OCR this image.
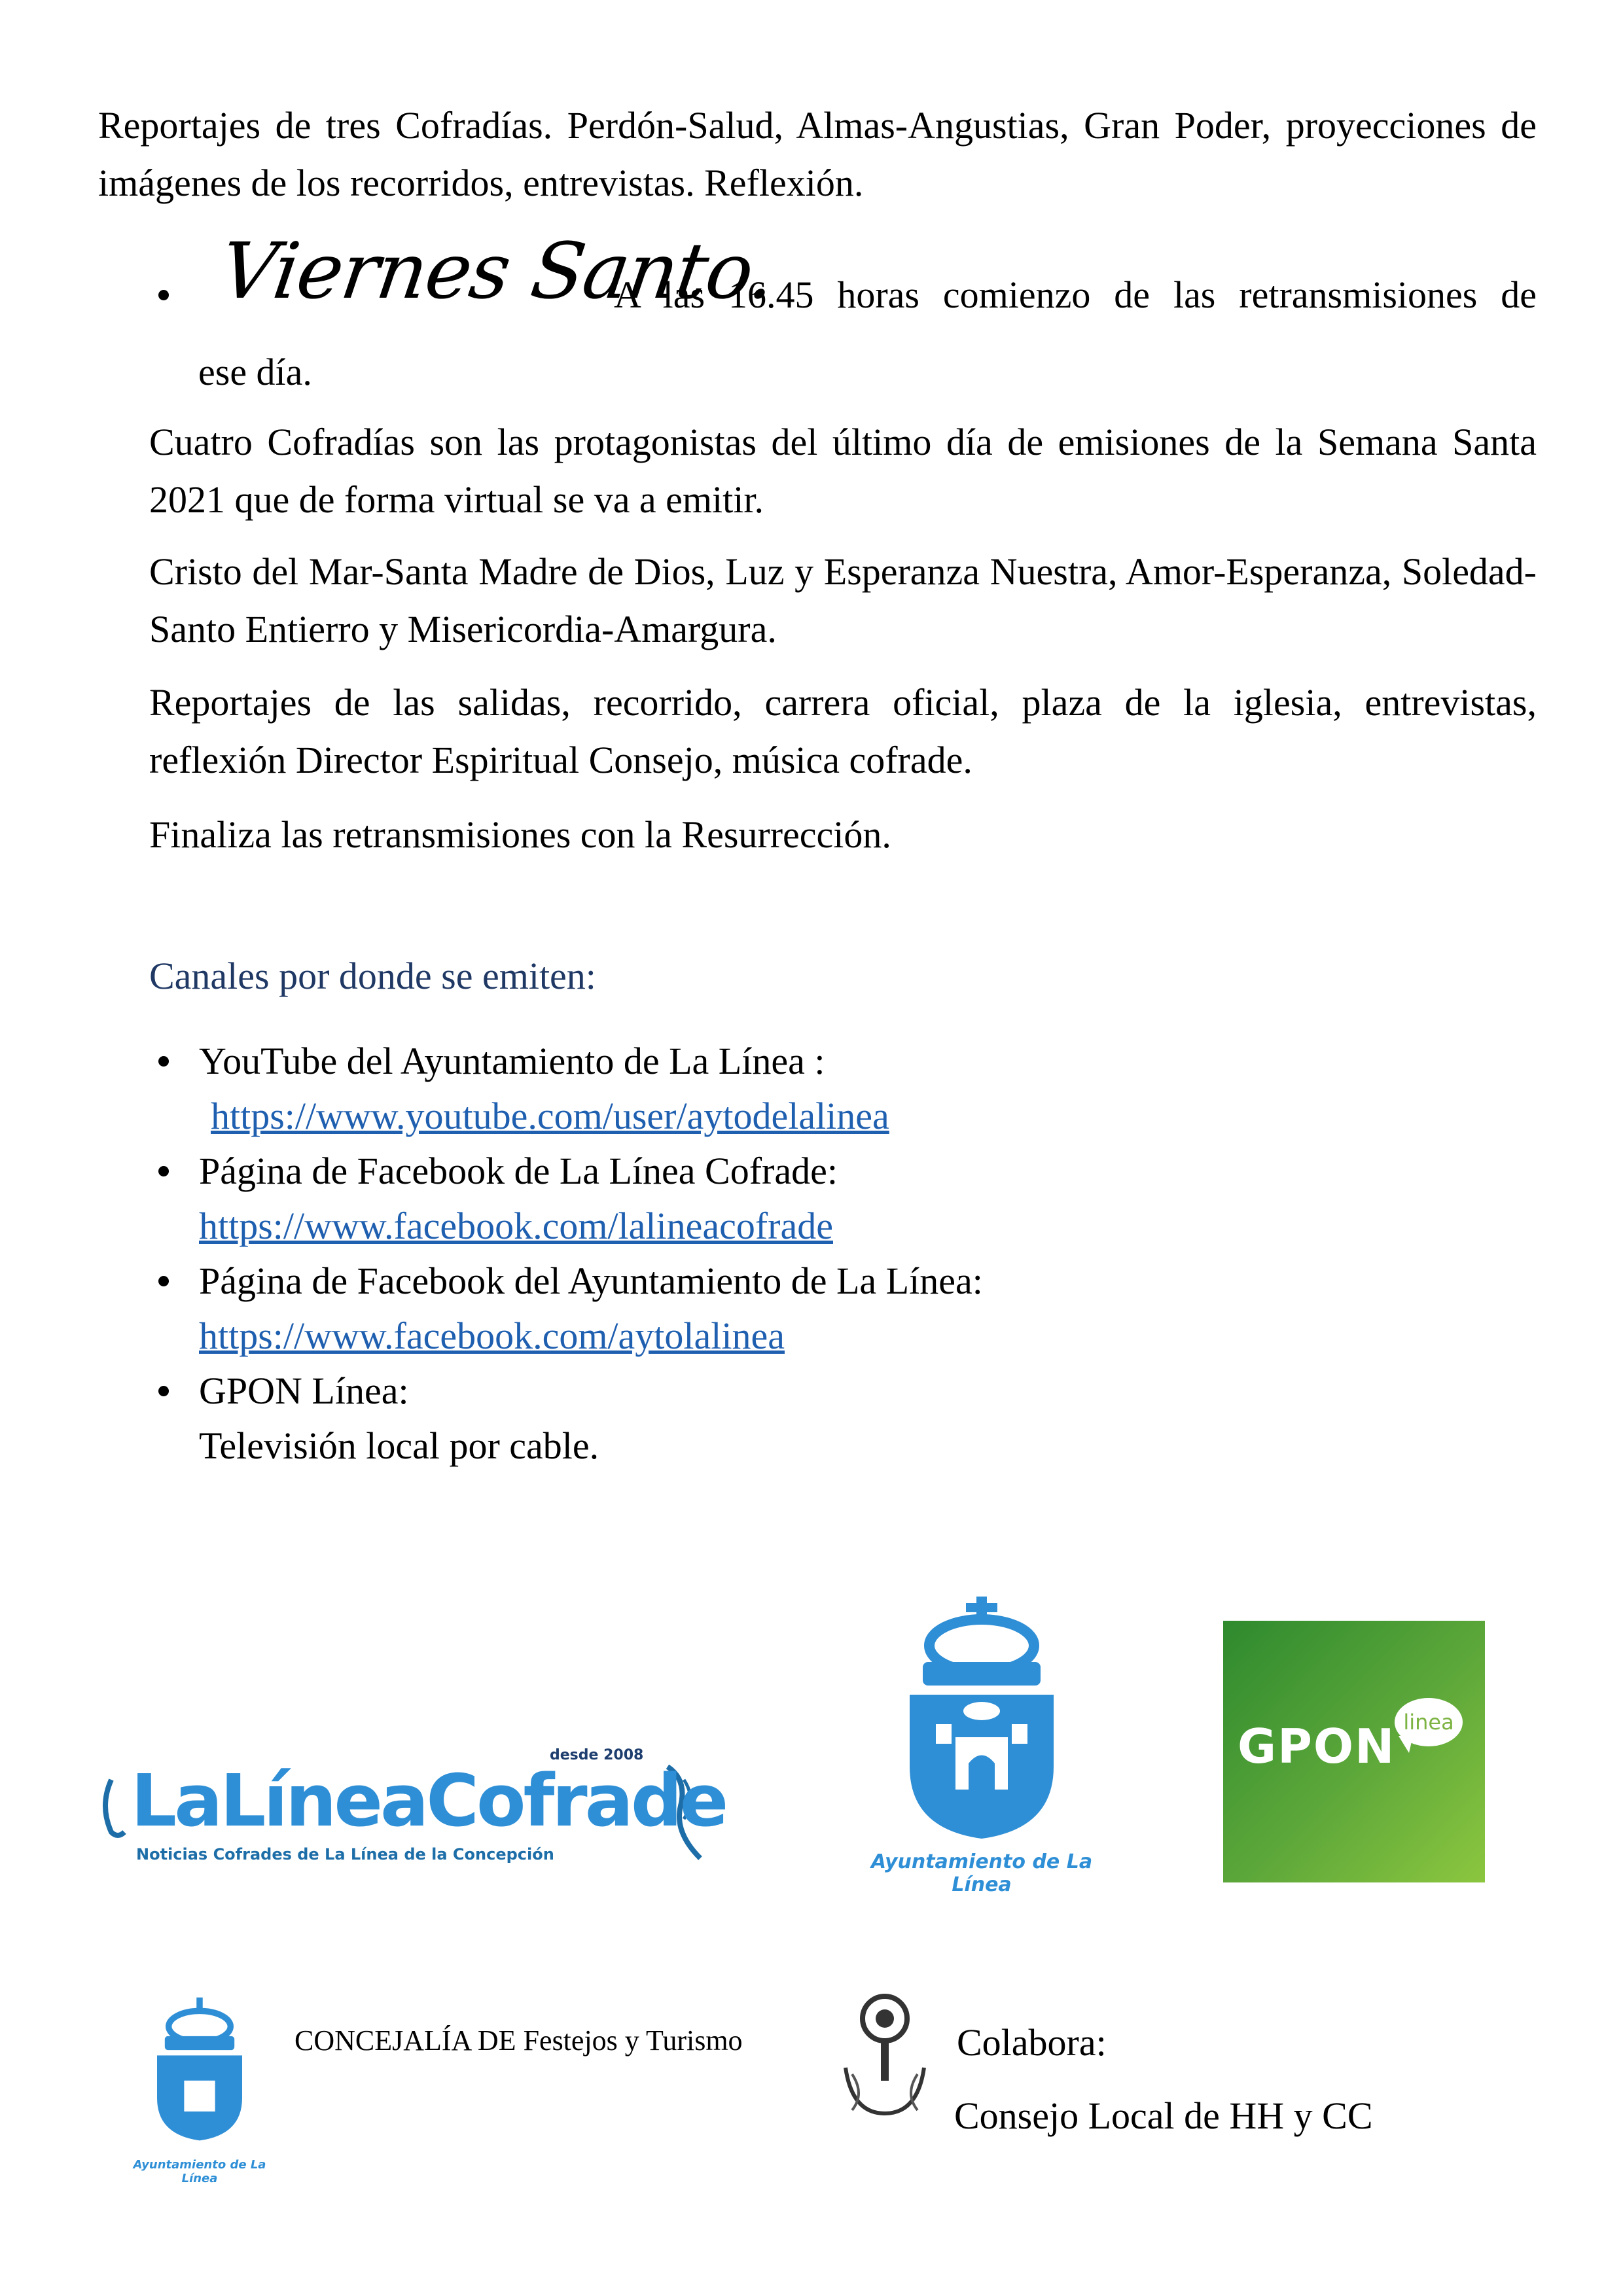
Reportajes de tres Cofradías. Perdón-Salud, Almas-Angustias, Gran Poder, proyecciones de imágenes de los recorridos, entrevistas. Reflexión.

Viernes Santo.
A las 16.45 horas comienzo de las retransmisiones de

ese día.

Cuatro Cofradías son las protagonistas del último día de emisiones de la Semana Santa 2021 que de forma virtual se va a emitir.

Cristo del Mar-Santa Madre de Dios, Luz y Esperanza Nuestra, Amor-Esperanza, Soledad-Santo Entierro y Misericordia-Amargura.

Reportajes de las salidas, recorrido, carrera oficial, plaza de la iglesia, entrevistas, reflexión Director Espiritual Consejo, música cofrade.

Finaliza las retransmisiones con la Resurrección.

Canales por donde se emiten:
YouTube del Ayuntamiento de La Línea :
https://www.youtube.com/user/aytodelalinea
Página de Facebook de La Línea Cofrade:
https://www.facebook.com/lalineacofrade
Página de Facebook del Ayuntamiento de La Línea:
https://www.facebook.com/aytolalinea
GPON Línea:
Televisión local por cable.
LaLíneaCofrade
desde 2008
Noticias Cofrades de La Línea de la Concepción	Ayuntamiento de La Línea
GPON linea
Ayuntamiento de La Línea
CONCEJALÍA DE Festejos y Turismo	Colabora:
Consejo Local de HH y CC
